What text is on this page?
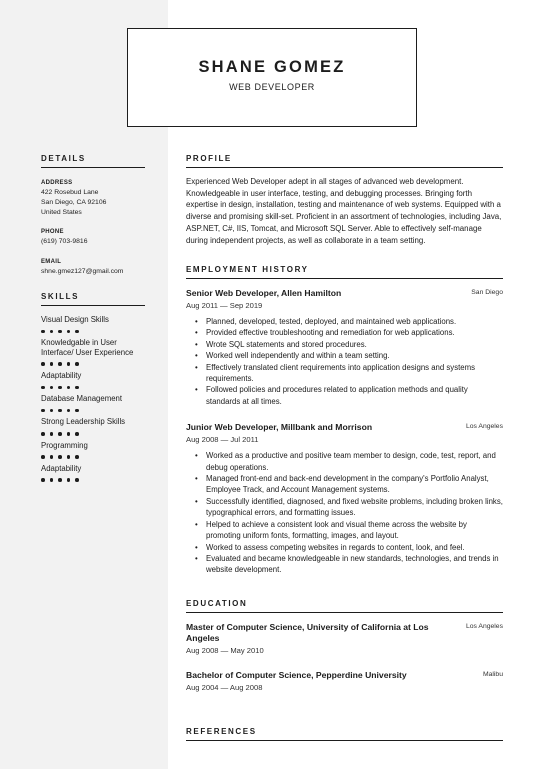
SHANE GOMEZ
WEB DEVELOPER
DETAILS
ADDRESS
422 Rosebud Lane
San Diego, CA 92106
United States
PHONE
(619) 703-9816
EMAIL
shne.gmez127@gmail.com
SKILLS
Visual Design Skills
Knowledgable in User Interface/ User Experience
Adaptability
Database Management
Strong Leadership Skills
Programming
Adaptability
PROFILE
Experienced Web Developer adept in all stages of advanced web development. Knowledgeable in user interface, testing, and debugging processes. Bringing forth expertise in design, installation, testing and maintenance of web systems. Equipped with a diverse and promising skill-set. Proficient in an assortment of technologies, including Java, ASP.NET, C#, IIS, Tomcat, and Microsoft SQL Server. Able to effectively self-manage during independent projects, as well as collaborate in a team setting.
EMPLOYMENT HISTORY
Senior Web Developer, Allen Hamilton	San Diego
Aug 2011 — Sep 2019
• Planned, developed, tested, deployed, and maintained web applications.
• Provided effective troubleshooting and remediation for web applications.
• Wrote SQL statements and stored procedures.
• Worked well independently and within a team setting.
• Effectively translated client requirements into application designs and systems requirements.
• Followed policies and procedures related to application methods and quality standards at all times.
Junior Web Developer, Millbank and Morrison	Los Angeles
Aug 2008 — Jul 2011
• Worked as a productive and positive team member to design, code, test, report, and debug operations.
• Managed front-end and back-end development in the company's Portfolio Analyst, Employee Track, and Account Management systems.
• Successfully identified, diagnosed, and fixed website problems, including broken links, typographical errors, and formatting issues.
• Helped to achieve a consistent look and visual theme across the website by promoting uniform fonts, formatting, images, and layout.
• Worked to assess competing websites in regards to content, look, and feel.
• Evaluated and became knowledgeable in new standards, technologies, and trends in website development.
EDUCATION
Master of Computer Science, University of California at Los Angeles
Los Angeles
Aug 2008 — May 2010
Bachelor of Computer Science, Pepperdine University	Malibu
Aug 2004 — Aug 2008
REFERENCES
